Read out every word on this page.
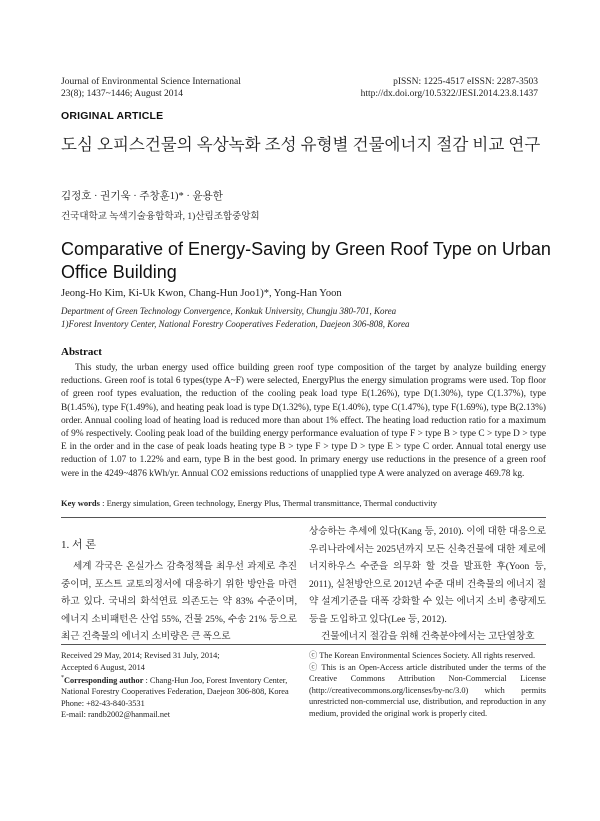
Journal of Environmental Science International
23(8); 1437~1446; August 2014
pISSN: 1225-4517 eISSN: 2287-3503
http://dx.doi.org/10.5322/JESI.2014.23.8.1437
ORIGINAL ARTICLE
도심 오피스건물의 옥상녹화 조성 유형별 건물에너지 절감 비교 연구
김정호 · 권기욱 · 주창훈1)* · 윤용한
건국대학교 녹색기술융합학과, 1)산림조합중앙회
Comparative of Energy-Saving by Green Roof Type on Urban Office Building
Jeong-Ho Kim, Ki-Uk Kwon, Chang-Hun Joo1)*, Yong-Han Yoon
Department of Green Technology Convergence, Konkuk University, Chungju 380-701, Korea
1)Forest Inventory Center, National Forestry Cooperatives Federation, Daejeon 306-808, Korea
Abstract
This study, the urban energy used office building green roof type composition of the target by analyze building energy reductions. Green roof is total 6 types(type A~F) were selected, EnergyPlus the energy simulation programs were used. Top floor of green roof types evaluation, the reduction of the cooling peak load type E(1.26%), type D(1.30%), type C(1.37%), type B(1.45%), type F(1.49%), and heating peak load is type D(1.32%), type E(1.40%), type C(1.47%), type F(1.69%), type B(2.13%) order. Annual cooling load of heating load is reduced more than about 1% effect. The heating load reduction ratio for a maximum of 9% respectively. Cooling peak load of the building energy performance evaluation of type F > type B > type C > type D > type E in the order and in the case of peak loads heating type B > type F > type D > type E > type C order. Annual total energy use reduction of 1.07 to 1.22% and earn, type B in the best good. In primary energy use reductions in the presence of a green roof were in the 4249~4876 kWh/yr. Annual CO2 emissions reductions of unapplied type A were analyzed on average 469.78 kg.
Key words : Energy simulation, Green technology, Energy Plus, Thermal transmittance, Thermal conductivity
1. 서 론
세계 각국은 온실가스 감축정책을 최우선 과제로 추진중이며, 포스트 교토의정서에 대응하기 위한 방안을 마련하고 있다. 국내의 화석연료 의존도는 약 83% 수준이며, 에너지 소비패턴은 산업 55%, 건물 25%, 수송 21% 등으로 최근 건축물의 에너지 소비량은 큰 폭으로
상승하는 추세에 있다(Kang 등, 2010). 이에 대한 대응으로 우리나라에서는 2025년까지 모든 신축건물에 대한 제로에너지하우스 수준을 의무화 할 것을 발표한 후(Yoon 등, 2011), 실천방안으로 2012년 수준 대비 건축물의 에너지 절약 설계기준을 대폭 강화할 수 있는 에너지 소비 총량제도 등을 도입하고 있다(Lee 등, 2012).
건물에너지 절감을 위해 건축분야에서는 고단열창호
Received 29 May, 2014; Revised 31 July, 2014;
Accepted 6 August, 2014
*Corresponding author : Chang-Hun Joo, Forest Inventory Center, National Forestry Cooperatives Federation, Daejeon 306-808, Korea
Phone: +82-43-840-3531
E-mail: randb2002@hanmail.net
ⓒ The Korean Environmental Sciences Society. All rights reserved.
ⓒ This is an Open-Access article distributed under the terms of the Creative Commons Attribution Non-Commercial License (http://creativecommons.org/licenses/by-nc/3.0) which permits unrestricted non-commercial use, distribution, and reproduction in any medium, provided the original work is properly cited.
